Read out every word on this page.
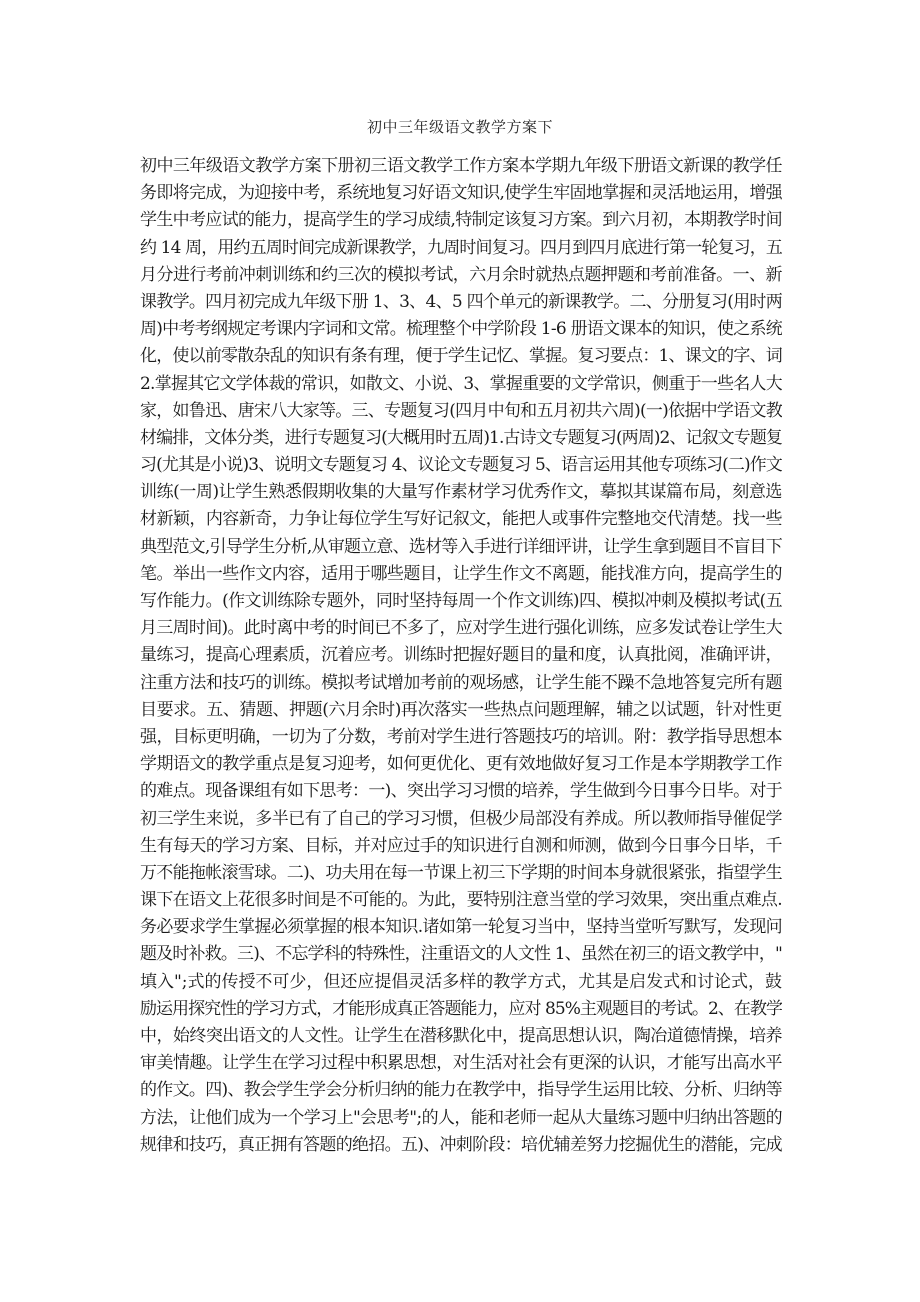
初中三年级语文教学方案下
初中三年级语文教学方案下册初三语文教学工作方案本学期九年级下册语文新课的教学任
务即将完成，为迎接中考，系统地复习好语文知识,使学生牢固地掌握和灵活地运用，增强
学生中考应试的能力，提高学生的学习成绩,特制定该复习方案。到六月初，本期教学时间
约 14 周，用约五周时间完成新课教学，九周时间复习。四月到四月底进行第一轮复习，五
月分进行考前冲刺训练和约三次的模拟考试，六月余时就热点题押题和考前准备。一、新
课教学。四月初完成九年级下册 1、3、4、5 四个单元的新课教学。二、分册复习(用时两
周)中考考纲规定考课内字词和文常。梳理整个中学阶段 1-6 册语文课本的知识，使之系统
化，使以前零散杂乱的知识有条有理，便于学生记忆、掌握。复习要点：1、课文的字、词
2.掌握其它文学体裁的常识，如散文、小说、3、掌握重要的文学常识，侧重于一些名人大
家，如鲁迅、唐宋八大家等。三、专题复习(四月中旬和五月初共六周)(一)依据中学语文教
材编排，文体分类，进行专题复习(大概用时五周)1.古诗文专题复习(两周)2、记叙文专题复
习(尤其是小说)3、说明文专题复习 4、议论文专题复习 5、语言运用其他专项练习(二)作文
训练(一周)让学生熟悉假期收集的大量写作素材学习优秀作文，摹拟其谋篇布局，刻意选
材新颖，内容新奇，力争让每位学生写好记叙文，能把人或事件完整地交代清楚。找一些
典型范文,引导学生分析,从审题立意、选材等入手进行详细评讲，让学生拿到题目不盲目下
笔。举出一些作文内容，适用于哪些题目，让学生作文不离题，能找准方向，提高学生的
写作能力。(作文训练除专题外，同时坚持每周一个作文训练)四、模拟冲刺及模拟考试(五
月三周时间)。此时离中考的时间已不多了，应对学生进行强化训练，应多发试卷让学生大
量练习，提高心理素质，沉着应考。训练时把握好题目的量和度，认真批阅，准确评讲，
注重方法和技巧的训练。模拟考试增加考前的观场感，让学生能不躁不急地答复完所有题
目要求。五、猜题、押题(六月余时)再次落实一些热点问题理解，辅之以试题，针对性更
强，目标更明确，一切为了分数，考前对学生进行答题技巧的培训。附：教学指导思想本
学期语文的教学重点是复习迎考，如何更优化、更有效地做好复习工作是本学期教学工作
的难点。现备课组有如下思考：一)、突出学习习惯的培养，学生做到今日事今日毕。对于
初三学生来说，多半已有了自己的学习习惯，但极少局部没有养成。所以教师指导催促学
生有每天的学习方案、目标，并对应过手的知识进行自测和师测，做到今日事今日毕，千
万不能拖帐滚雪球。二)、功夫用在每一节课上初三下学期的时间本身就很紧张，指望学生
课下在语文上花很多时间是不可能的。为此，要特别注意当堂的学习效果，突出重点难点.
务必要求学生掌握必须掌握的根本知识.诸如第一轮复习当中，坚持当堂听写默写，发现问
题及时补救。三)、不忘学科的特殊性，注重语文的人文性 1、虽然在初三的语文教学中，"
填入";式的传授不可少，但还应提倡灵活多样的教学方式，尤其是启发式和讨论式，鼓
励运用探究性的学习方式，才能形成真正答题能力，应对 85%主观题目的考试。2、在教学
中，始终突出语文的人文性。让学生在潜移默化中，提高思想认识，陶冶道德情操，培养
审美情趣。让学生在学习过程中积累思想，对生活对社会有更深的认识，才能写出高水平
的作文。四)、教会学生学会分析归纳的能力在教学中，指导学生运用比较、分析、归纳等
方法，让他们成为一个学习上"会思考";的人，能和老师一起从大量练习题中归纳出答题的
规律和技巧，真正拥有答题的绝招。五)、冲刺阶段：培优辅差努力挖掘优生的潜能，完成
